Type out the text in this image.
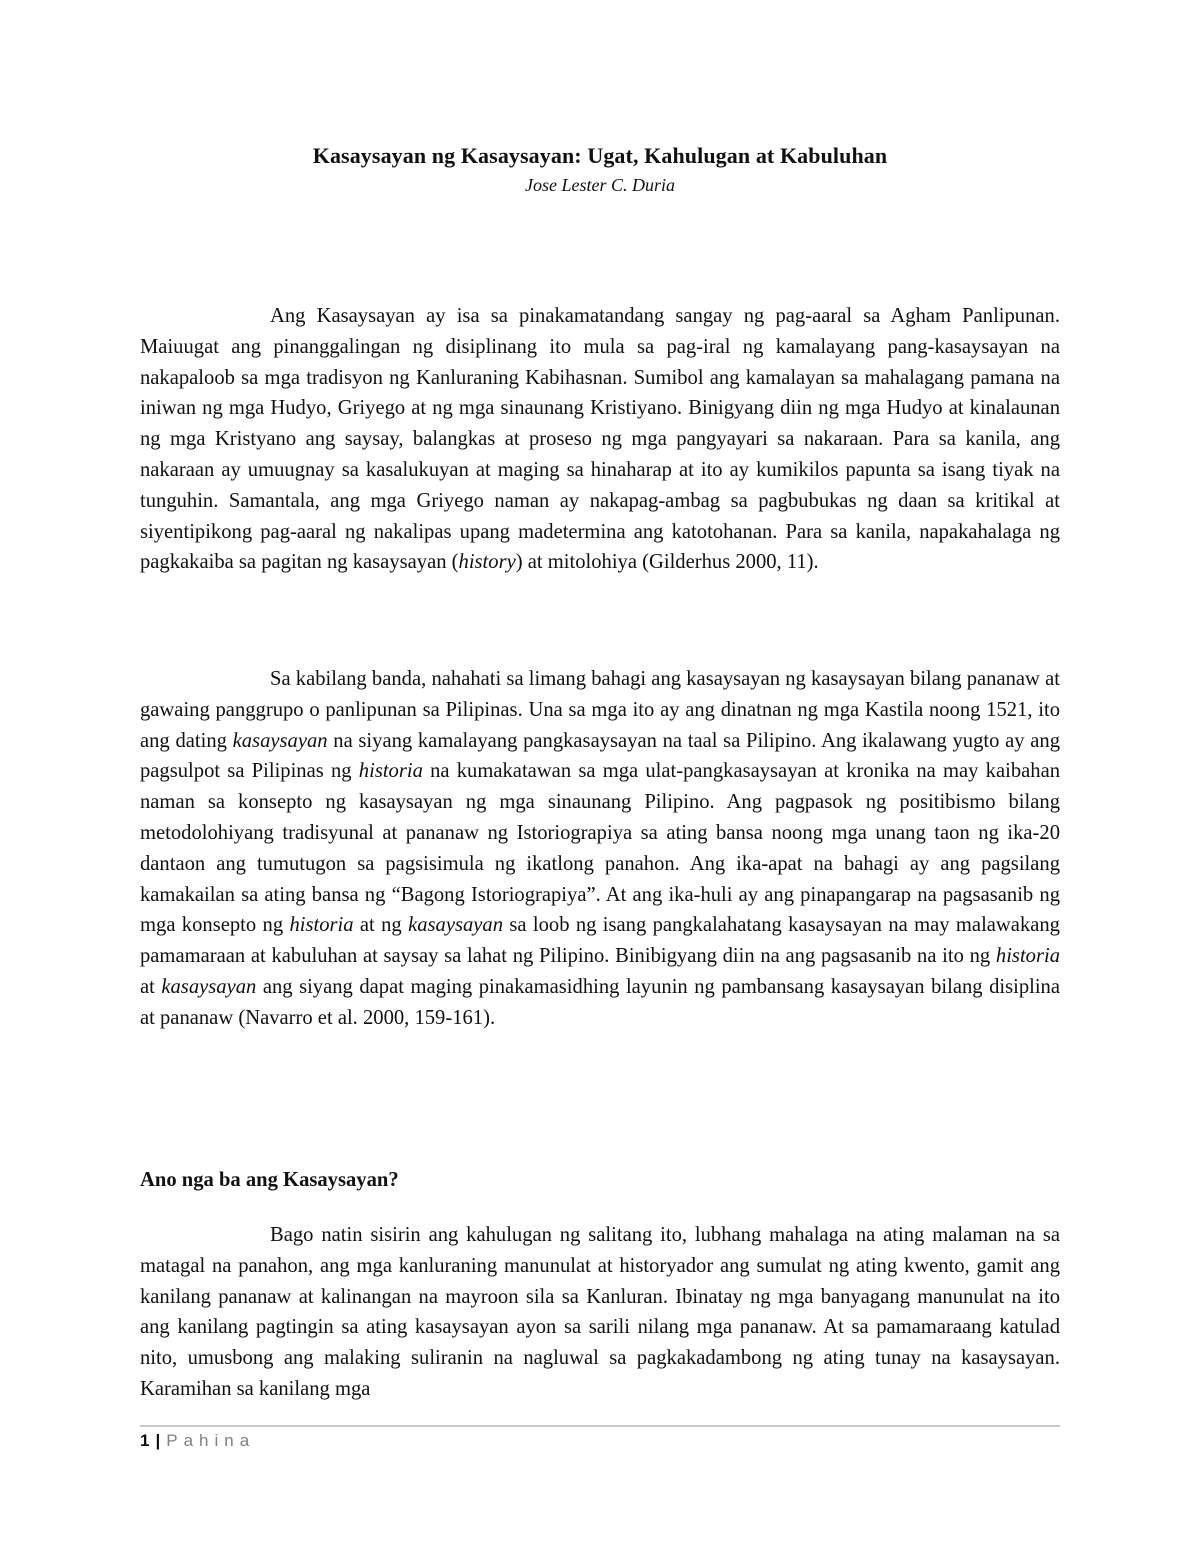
Kasaysayan ng Kasaysayan: Ugat, Kahulugan at Kabuluhan
Jose Lester C. Duria

Ang Kasaysayan ay isa sa pinakamatandang sangay ng pag-aaral sa Agham Panlipunan. Maiuugat ang pinanggalingan ng disiplinang ito mula sa pag-iral ng kamalayang pang-kasaysayan na nakapaloob sa mga tradisyon ng Kanluraning Kabihasnan. Sumibol ang kamalayan sa mahalagang pamana na iniwan ng mga Hudyo, Griyego at ng mga sinaunang Kristiyano. Binigyang diin ng mga Hudyo at kinalaunan ng mga Kristyano ang saysay, balangkas at proseso ng mga pangyayari sa nakaraan. Para sa kanila, ang nakaraan ay umuugnay sa kasalukuyan at maging sa hinaharap at ito ay kumikilos papunta sa isang tiyak na tunguhin. Samantala, ang mga Griyego naman ay nakapag-ambag sa pagbubukas ng daan sa kritikal at siyentipikong pag-aaral ng nakalipas upang madetermina ang katotohanan. Para sa kanila, napakahalaga ng pagkakaiba sa pagitan ng kasaysayan (history) at mitolohiya (Gilderhus 2000, 11).

Sa kabilang banda, nahahati sa limang bahagi ang kasaysayan ng kasaysayan bilang pananaw at gawaing panggrupo o panlipunan sa Pilipinas. Una sa mga ito ay ang dinatnan ng mga Kastila noong 1521, ito ang dating kasaysayan na siyang kamalayang pangkasaysayan na taal sa Pilipino. Ang ikalawang yugto ay ang pagsulpot sa Pilipinas ng historia na kumakatawan sa mga ulat-pangkasaysayan at kronika na may kaibahan naman sa konsepto ng kasaysayan ng mga sinaunang Pilipino. Ang pagpasok ng positibismo bilang metodolohiyang tradisyunal at pananaw ng Istoriograpiya sa ating bansa noong mga unang taon ng ika-20 dantaon ang tumutugon sa pagsisimula ng ikatlong panahon. Ang ika-apat na bahagi ay ang pagsilang kamakailan sa ating bansa ng “Bagong Istoriograpiya”. At ang ika-huli ay ang pinapangarap na pagsasanib ng mga konsepto ng historia at ng kasaysayan sa loob ng isang pangkalahatang kasaysayan na may malawakang pamamaraan at kabuluhan at saysay sa lahat ng Pilipino. Binibigyang diin na ang pagsasanib na ito ng historia at kasaysayan ang siyang dapat maging pinakamasidhing layunin ng pambansang kasaysayan bilang disiplina at pananaw (Navarro et al. 2000, 159-161).

Ano nga ba ang Kasaysayan?

Bago natin sisirin ang kahulugan ng salitang ito, lubhang mahalaga na ating malaman na sa matagal na panahon, ang mga kanluraning manunulat at historyador ang sumulat ng ating kwento, gamit ang kanilang pananaw at kalinangan na mayroon sila sa Kanluran. Ibinatay ng mga banyagang manunulat na ito ang kanilang pagtingin sa ating kasaysayan ayon sa sarili nilang mga pananaw. At sa pamamaraang katulad nito, umusbong ang malaking suliranin na nagluwal sa pagkakadambong ng ating tunay na kasaysayan. Karamihan sa kanilang mga

1 | Pahina
